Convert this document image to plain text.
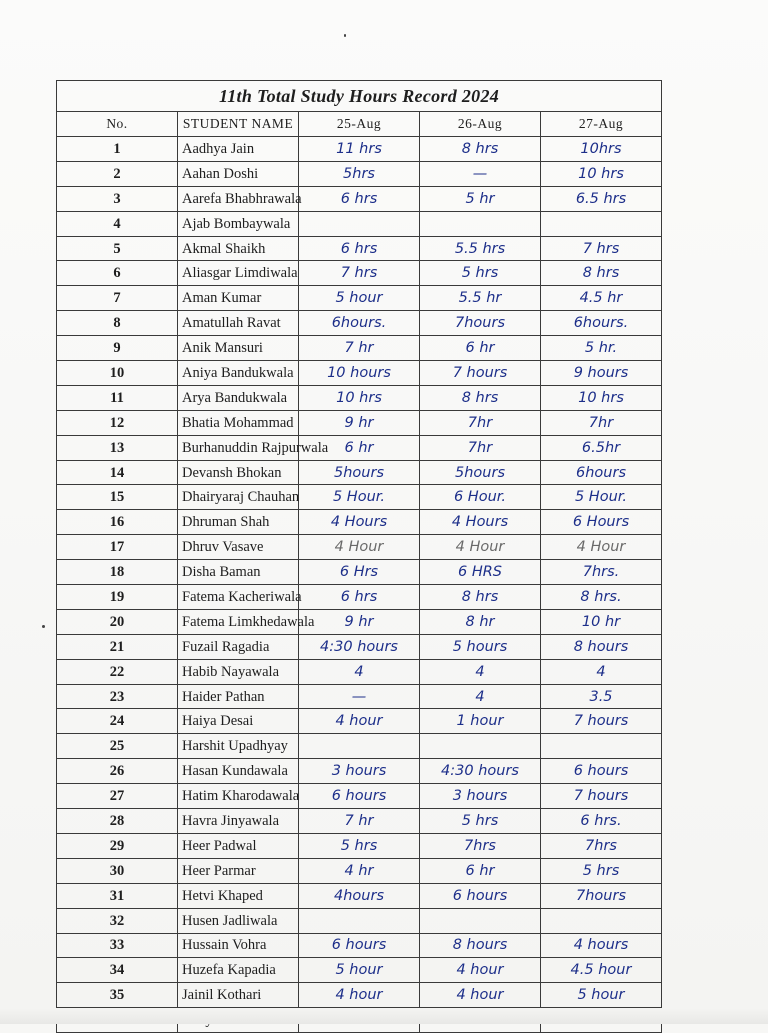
11th Total Study Hours Record 2024				
No.	STUDENT NAME	25-Aug	26-Aug	27-Aug
1	Aadhya Jain	11 hrs	8 hrs	10hrs
2	Aahan Doshi	5hrs	—	10 hrs
3	Aarefa Bhabhrawala	6 hrs	5 hr	6.5 hrs
4	Ajab Bombaywala			
5	Akmal Shaikh	6 hrs	5.5 hrs	7 hrs
6	Aliasgar Limdiwala	7 hrs	5 hrs	8 hrs
7	Aman Kumar	5 hour	5.5 hr	4.5 hr
8	Amatullah Ravat	6hours.	7hours	6hours.
9	Anik Mansuri	7 hr	6 hr	5 hr.
10	Aniya Bandukwala	10 hours	7 hours	9 hours
11	Arya Bandukwala	10 hrs	8 hrs	10 hrs
12	Bhatia Mohammad	9 hr	7hr	7hr
13	Burhanuddin Rajpurwala	6 hr	7hr	6.5hr
14	Devansh Bhokan	5hours	5hours	6hours
15	Dhairyaraj Chauhan	5 Hour.	6 Hour.	5 Hour.
16	Dhruman Shah	4 Hours	4 Hours	6 Hours
17	Dhruv Vasave	4 Hour	4 Hour	4 Hour
18	Disha Baman	6 Hrs	6 HRS	7hrs.
19	Fatema Kacheriwala	6 hrs	8 hrs	8 hrs.
20	Fatema Limkhedawala	9 hr	8 hr	10 hr
21	Fuzail Ragadia	4:30 hours	5 hours	8 hours
22	Habib Nayawala	4	4	4
23	Haider Pathan	—	4	3.5
24	Haiya Desai	4 hour	1 hour	7 hours
25	Harshit Upadhyay			
26	Hasan Kundawala	3 hours	4:30 hours	6 hours
27	Hatim Kharodawala	6 hours	3 hours	7 hours
28	Havra Jinyawala	7 hr	5 hrs	6 hrs.
29	Heer Padwal	5 hrs	7hrs	7hrs
30	Heer Parmar	4 hr	6 hr	5 hrs
31	Hetvi Khaped	4hours	6 hours	7hours
32	Husen Jadliwala			
33	Hussain Vohra	6 hours	8 hours	4 hours
34	Huzefa Kapadia	5 hour	4 hour	4.5 hour
35	Jainil Kothari	4 hour	4 hour	5 hour
